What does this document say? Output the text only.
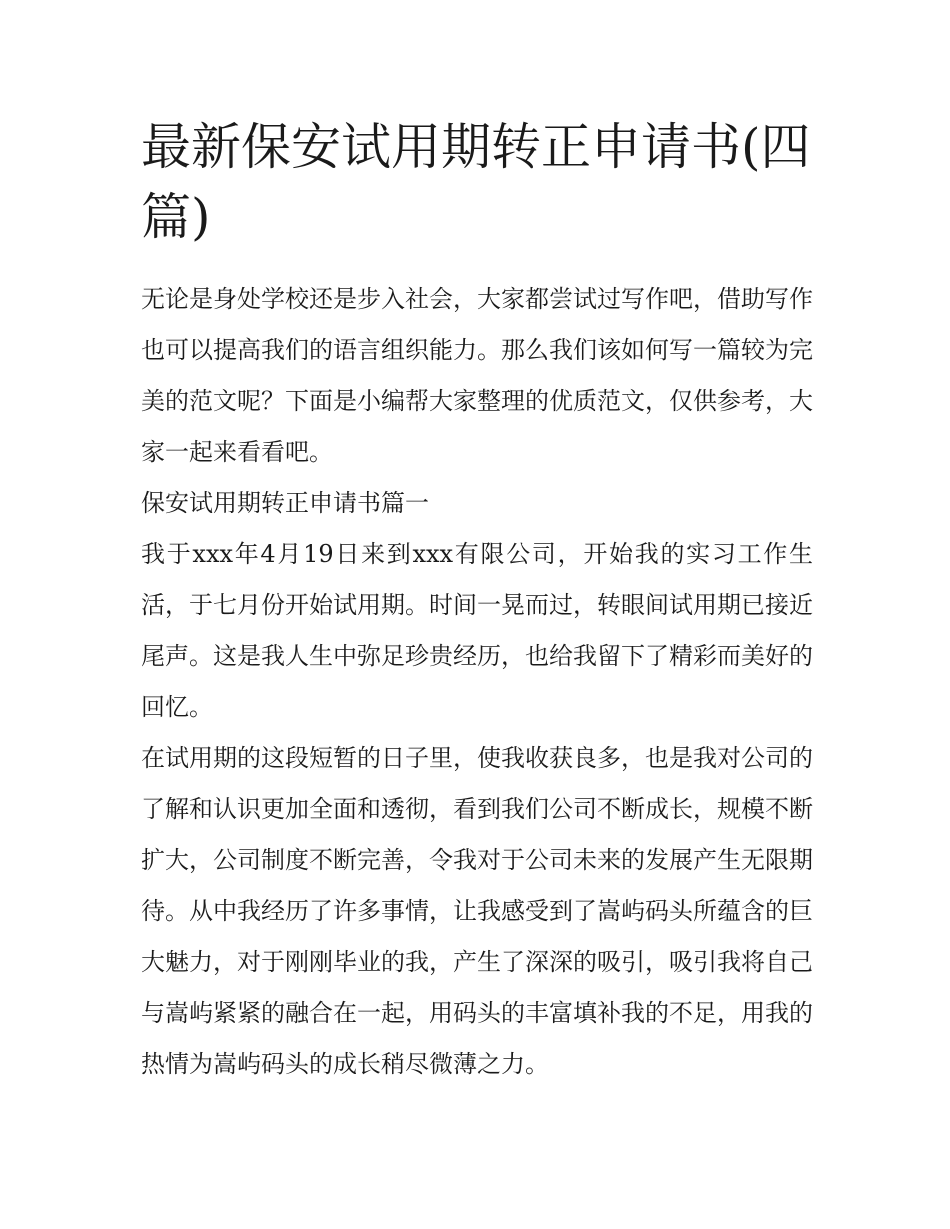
最新保安试用期转正申请书(四篇)

无论是身处学校还是步入社会，大家都尝试过写作吧，借助写作也可以提高我们的语言组织能力。那么我们该如何写一篇较为完美的范文呢？下面是小编帮大家整理的优质范文，仅供参考，大家一起来看看吧。

保安试用期转正申请书篇一

我于xxx年4月19日来到xxx有限公司，开始我的实习工作生活，于七月份开始试用期。时间一晃而过，转眼间试用期已接近尾声。这是我人生中弥足珍贵经历，也给我留下了精彩而美好的回忆。

在试用期的这段短暂的日子里，使我收获良多，也是我对公司的了解和认识更加全面和透彻，看到我们公司不断成长，规模不断扩大，公司制度不断完善，令我对于公司未来的发展产生无限期待。从中我经历了许多事情，让我感受到了嵩屿码头所蕴含的巨大魅力，对于刚刚毕业的我，产生了深深的吸引，吸引我将自己与嵩屿紧紧的融合在一起，用码头的丰富填补我的不足，用我的热情为嵩屿码头的成长稍尽微薄之力。
